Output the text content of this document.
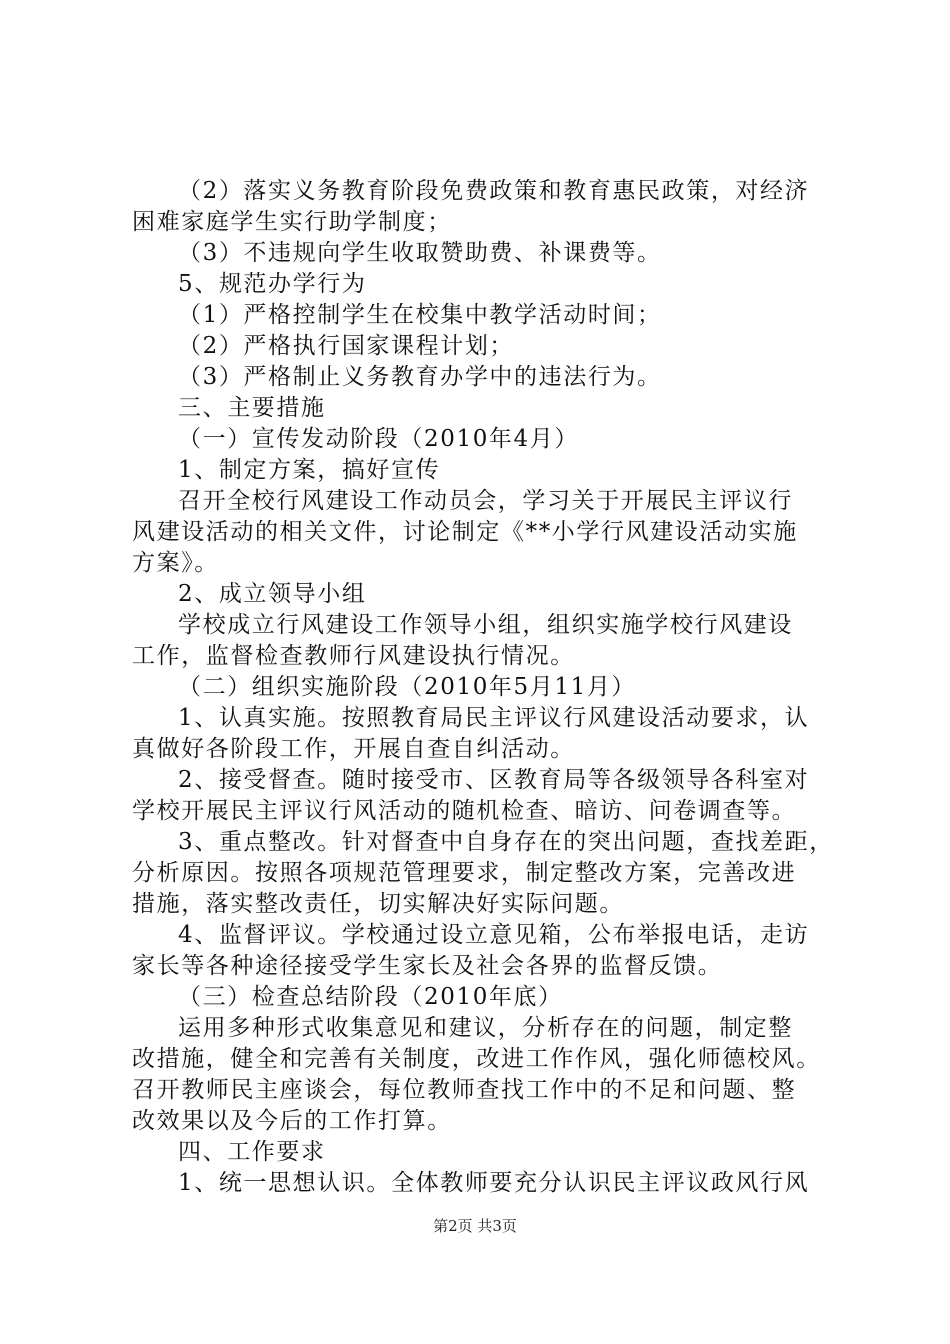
（2）落实义务教育阶段免费政策和教育惠民政策，对经济
困难家庭学生实行助学制度；
（3）不违规向学生收取赞助费、补课费等。
5、规范办学行为
（1）严格控制学生在校集中教学活动时间；
（2）严格执行国家课程计划；
（3）严格制止义务教育办学中的违法行为。
三、主要措施
（一）宣传发动阶段（2010年4月）
1、制定方案，搞好宣传
召开全校行风建设工作动员会，学习关于开展民主评议行
风建设活动的相关文件，讨论制定《**小学行风建设活动实施
方案》。
2、成立领导小组
学校成立行风建设工作领导小组，组织实施学校行风建设
工作，监督检查教师行风建设执行情况。
（二）组织实施阶段（2010年5月11月）
1、认真实施。按照教育局民主评议行风建设活动要求，认
真做好各阶段工作，开展自查自纠活动。
2、接受督查。随时接受市、区教育局等各级领导各科室对
学校开展民主评议行风活动的随机检查、暗访、问卷调查等。
3、重点整改。针对督查中自身存在的突出问题，查找差距，
分析原因。按照各项规范管理要求，制定整改方案，完善改进
措施，落实整改责任，切实解决好实际问题。
4、监督评议。学校通过设立意见箱，公布举报电话，走访
家长等各种途径接受学生家长及社会各界的监督反馈。
（三）检查总结阶段（2010年底）
运用多种形式收集意见和建议，分析存在的问题，制定整
改措施，健全和完善有关制度，改进工作作风，强化师德校风。
召开教师民主座谈会，每位教师查找工作中的不足和问题、整
改效果以及今后的工作打算。
四、工作要求
1、统一思想认识。全体教师要充分认识民主评议政风行风
第2页 共3页
